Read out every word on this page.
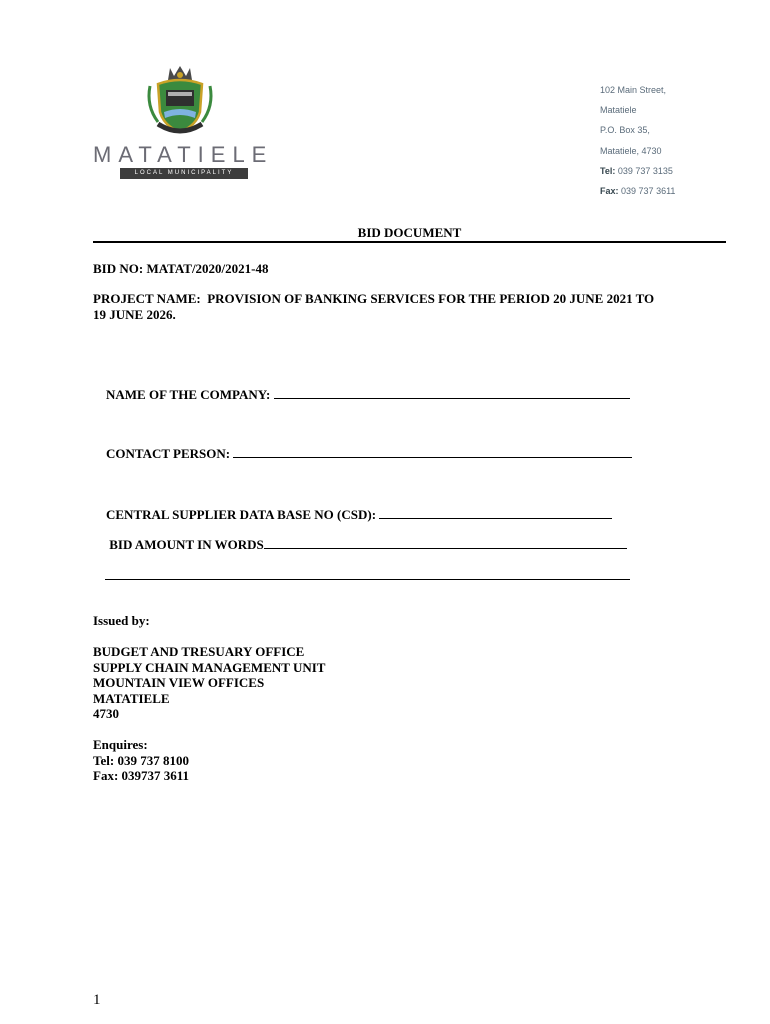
MATATIELE
LOCAL MUNICIPALITY
102 Main Street,
Matatiele
P.O. Box 35,
Matatiele, 4730
Tel: 039 737 3135
Fax: 039 737 3611
BID DOCUMENT
BID NO: MATAT/2020/2021-48
PROJECT NAME:  PROVISION OF BANKING SERVICES FOR THE PERIOD 20 JUNE 2021 TO
19 JUNE 2026.

NAME OF THE COMPANY:

CONTACT PERSON:

CENTRAL SUPPLIER DATA BASE NO (CSD):

BID AMOUNT IN WORDS

Issued by:
BUDGET AND TRESUARY OFFICE
SUPPLY CHAIN MANAGEMENT UNIT
MOUNTAIN VIEW OFFICES
MATATIELE
4730
Enquires:
Tel: 039 737 8100
Fax: 039737 3611
1
